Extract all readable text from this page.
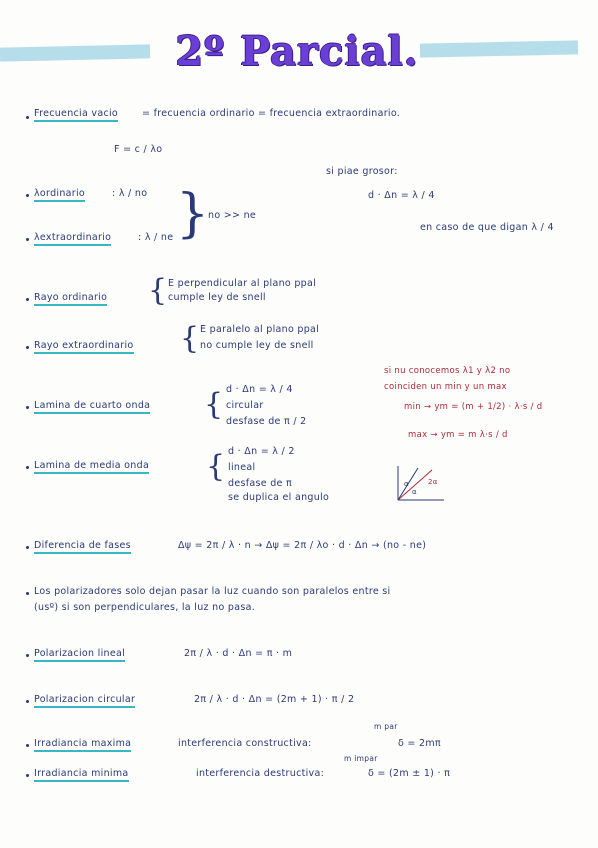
2º Parcial.
Frecuencia vacio	= frecuencia ordinario = frecuencia extraordinario.
F = c / λo
si piae grosor:
d · Δn = λ / 4
en caso de que digan λ / 4
λordinario	: λ / no
λextraordinario	: λ / ne }
no >> ne
Rayo ordinario { E perpendicular al plano ppal
cumple ley de snell
Rayo extraordinario { E paralelo al plano ppal
no cumple ley de snell
Lamina de cuarto onda { d · Δn = λ / 4
circular
desfase de π / 2
si nu conocemos λ1 y λ2 no
coinciden un min y un max
min → ym = (m + 1/2) · λ·s / d
max → ym = m λ·s / d
Lamina de media onda { d · Δn = λ / 2
lineal
desfase de π
se duplica el angulo
α
α
2α
Diferencia de fases	Δψ = 2π / λ · n → Δψ = 2π / λo · d · Δn → (no - ne)
Los polarizadores solo dejan pasar la luz cuando son paralelos entre si
(usº) si son perpendiculares, la luz no pasa.
Polarizacion lineal	2π / λ · d · Δn = π · m
Polarizacion circular	2π / λ · d · Δn = (2m + 1) · π / 2
Irradiancia maxima	interferencia constructiva:
m par
δ = 2mπ
Irradiancia minima	interferencia destructiva:
m impar
δ = (2m ± 1) · π
